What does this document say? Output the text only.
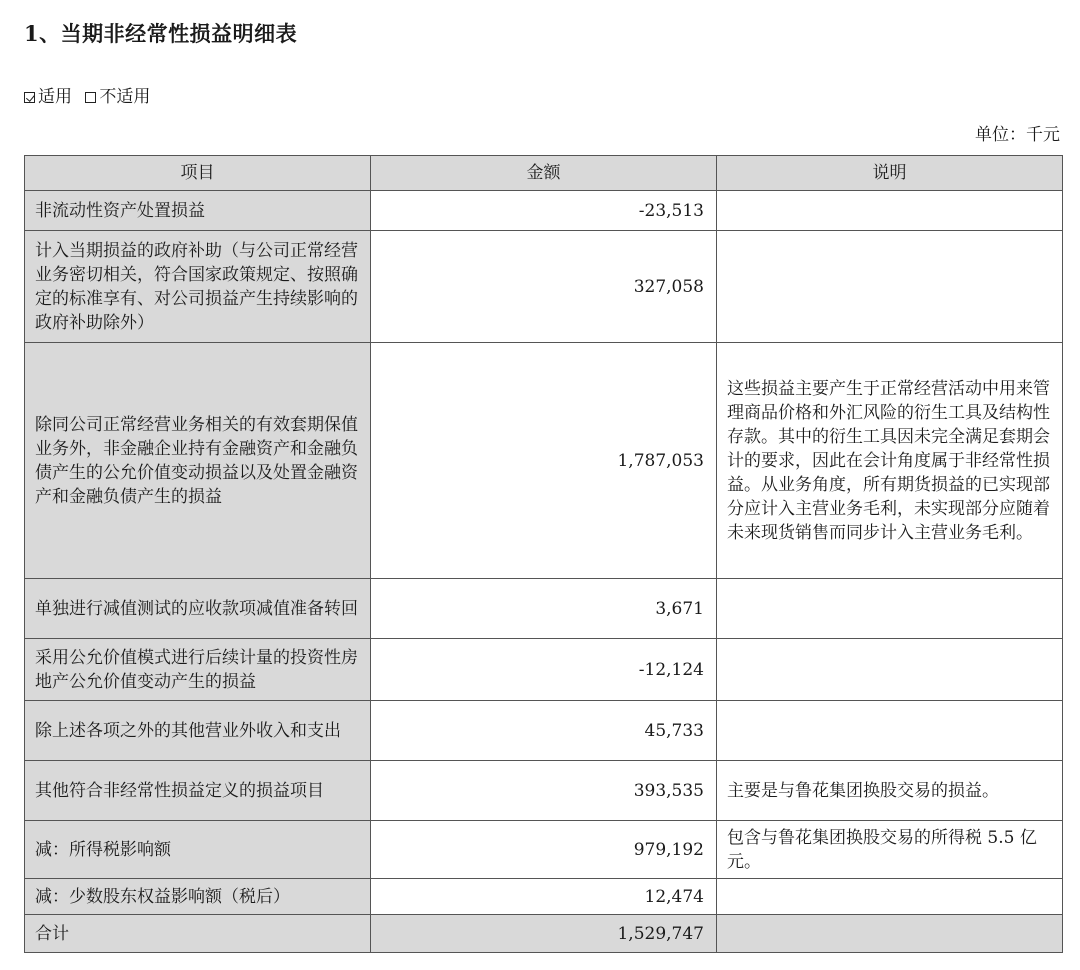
1、当期非经常性损益明细表
适用 不适用
单位：千元
项目	金额	说明
非流动性资产处置损益	-23,513	
计入当期损益的政府补助（与公司正常经营业务密切相关，符合国家政策规定、按照确定的标准享有、对公司损益产生持续影响的政府补助除外）	327,058	
除同公司正常经营业务相关的有效套期保值业务外，非金融企业持有金融资产和金融负债产生的公允价值变动损益以及处置金融资产和金融负债产生的损益	1,787,053	这些损益主要产生于正常经营活动中用来管理商品价格和外汇风险的衍生工具及结构性存款。其中的衍生工具因未完全满足套期会计的要求，因此在会计角度属于非经常性损益。从业务角度，所有期货损益的已实现部分应计入主营业务毛利，未实现部分应随着未来现货销售而同步计入主营业务毛利。
单独进行减值测试的应收款项减值准备转回	3,671	
采用公允价值模式进行后续计量的投资性房地产公允价值变动产生的损益	-12,124	
除上述各项之外的其他营业外收入和支出	45,733	
其他符合非经常性损益定义的损益项目	393,535	主要是与鲁花集团换股交易的损益。
减：所得税影响额	979,192	包含与鲁花集团换股交易的所得税 5.5 亿元。
减：少数股东权益影响额（税后）	12,474	
合计	1,529,747	
